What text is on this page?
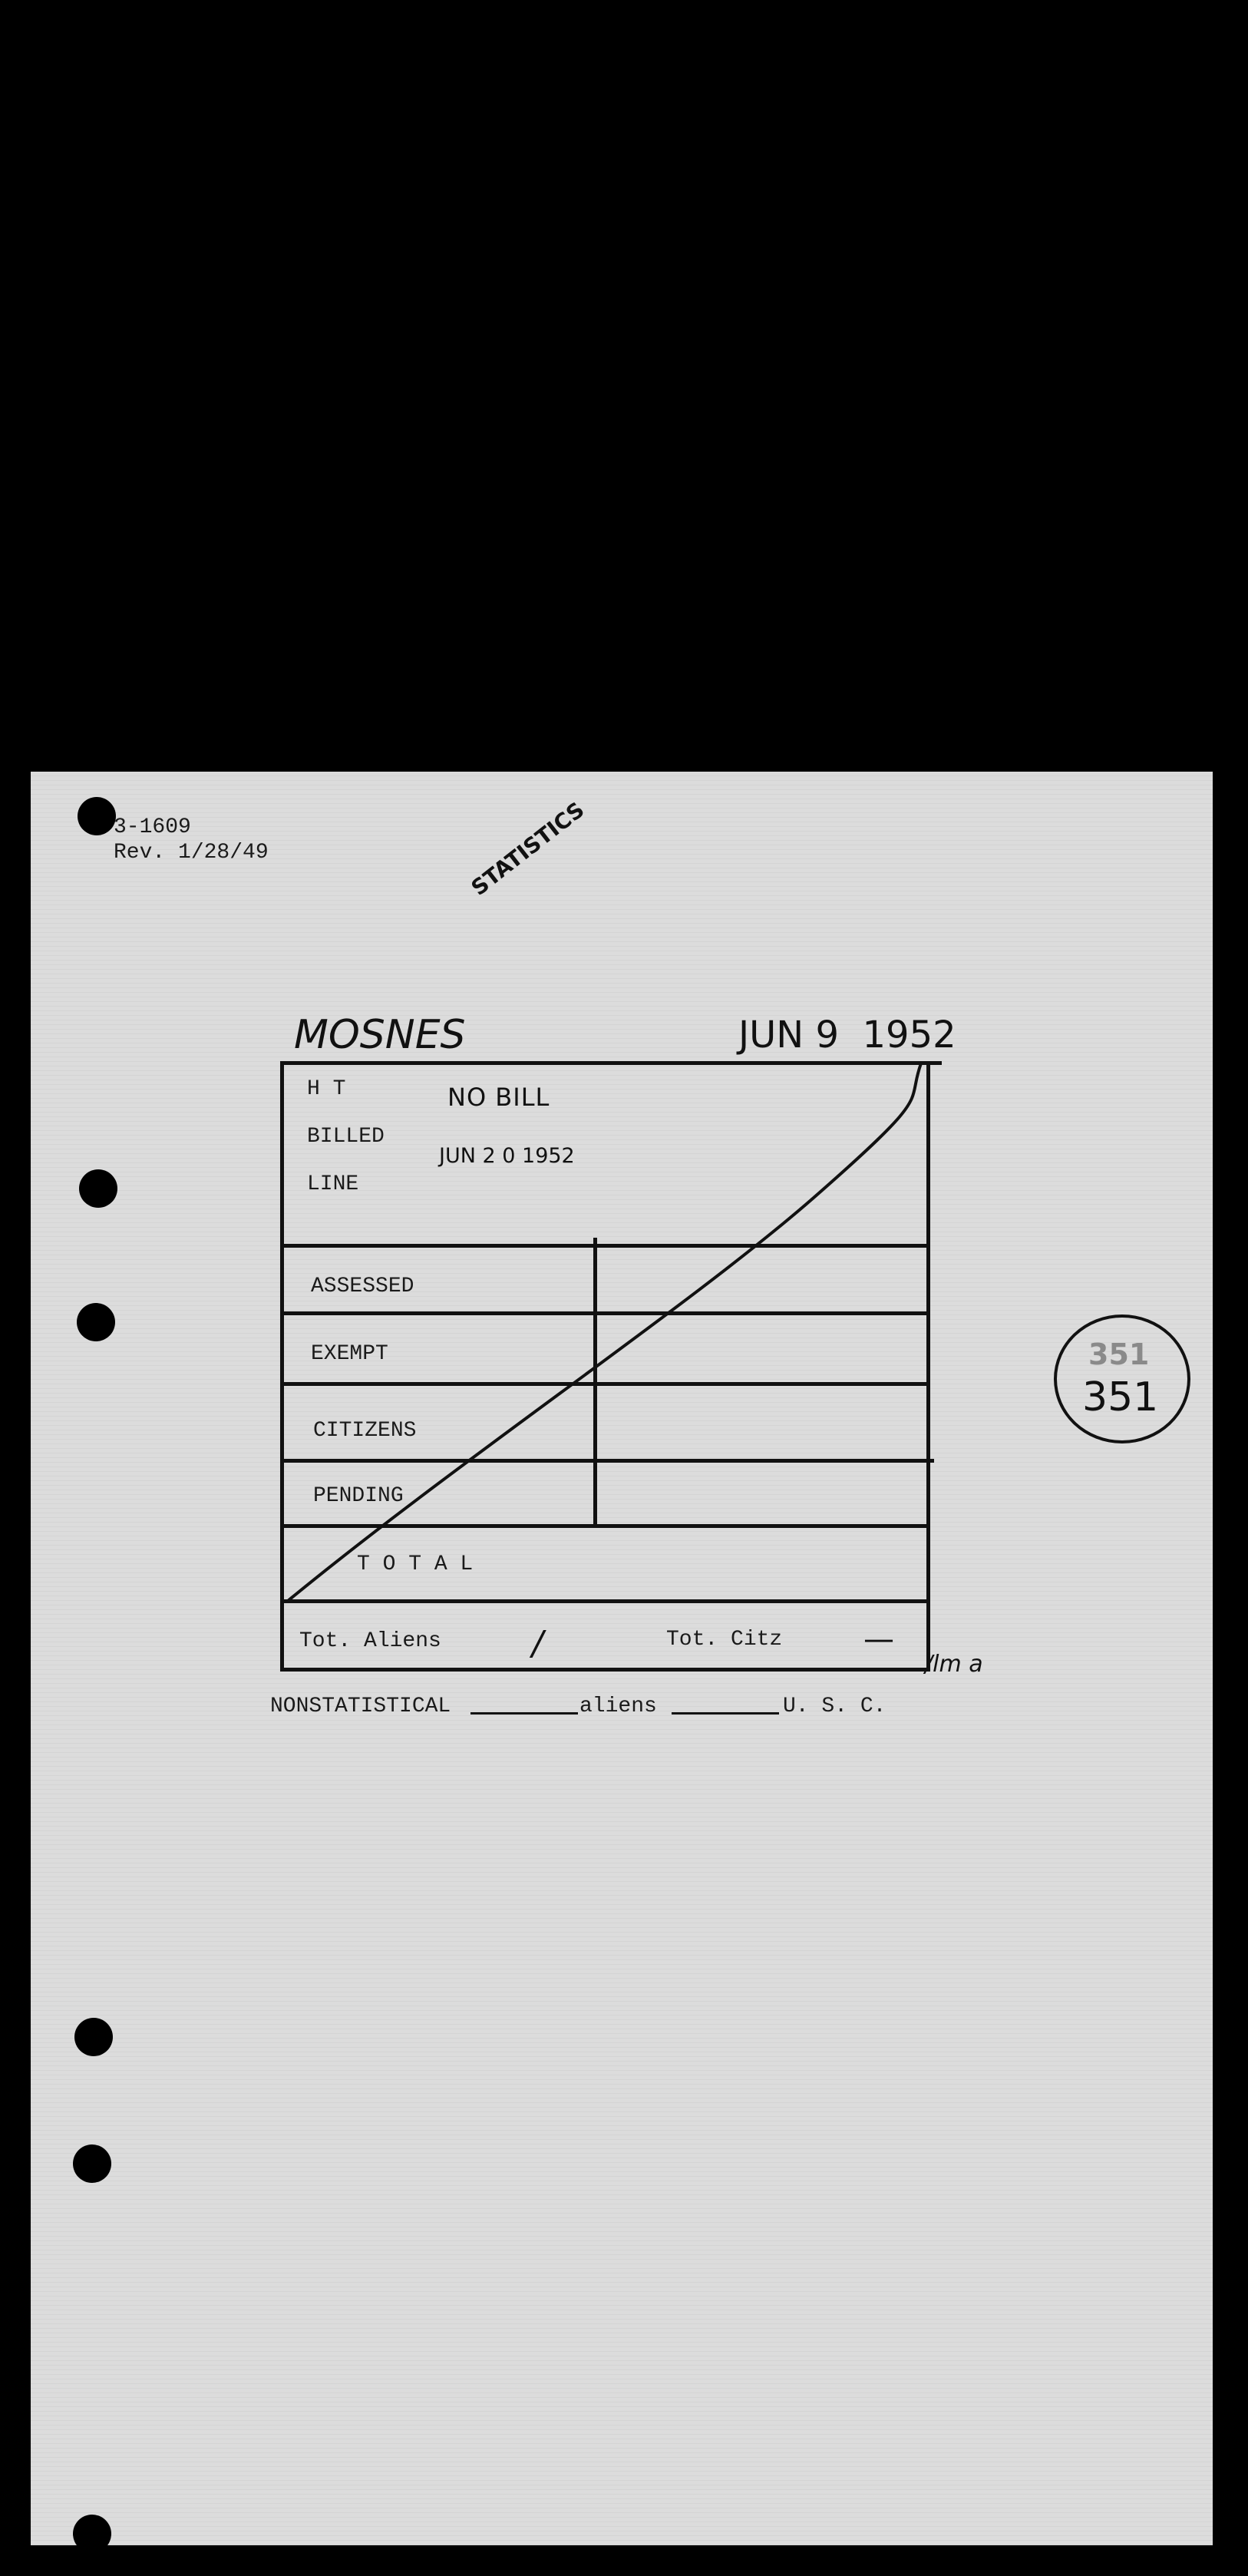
3-1609
Rev. 1/28/49	STATISTICS
MOSNES	JUN 9  1952
H T
BILLED
LINE
NO BILL
JUN 2 0 1952
ASSESSED
EXEMPT
CITIZENS
PENDING
T O T A L
Tot. Aliens	/	Tot. Citz	—
/lm a
NONSTATISTICAL	aliens	U. S. C.
351
351
